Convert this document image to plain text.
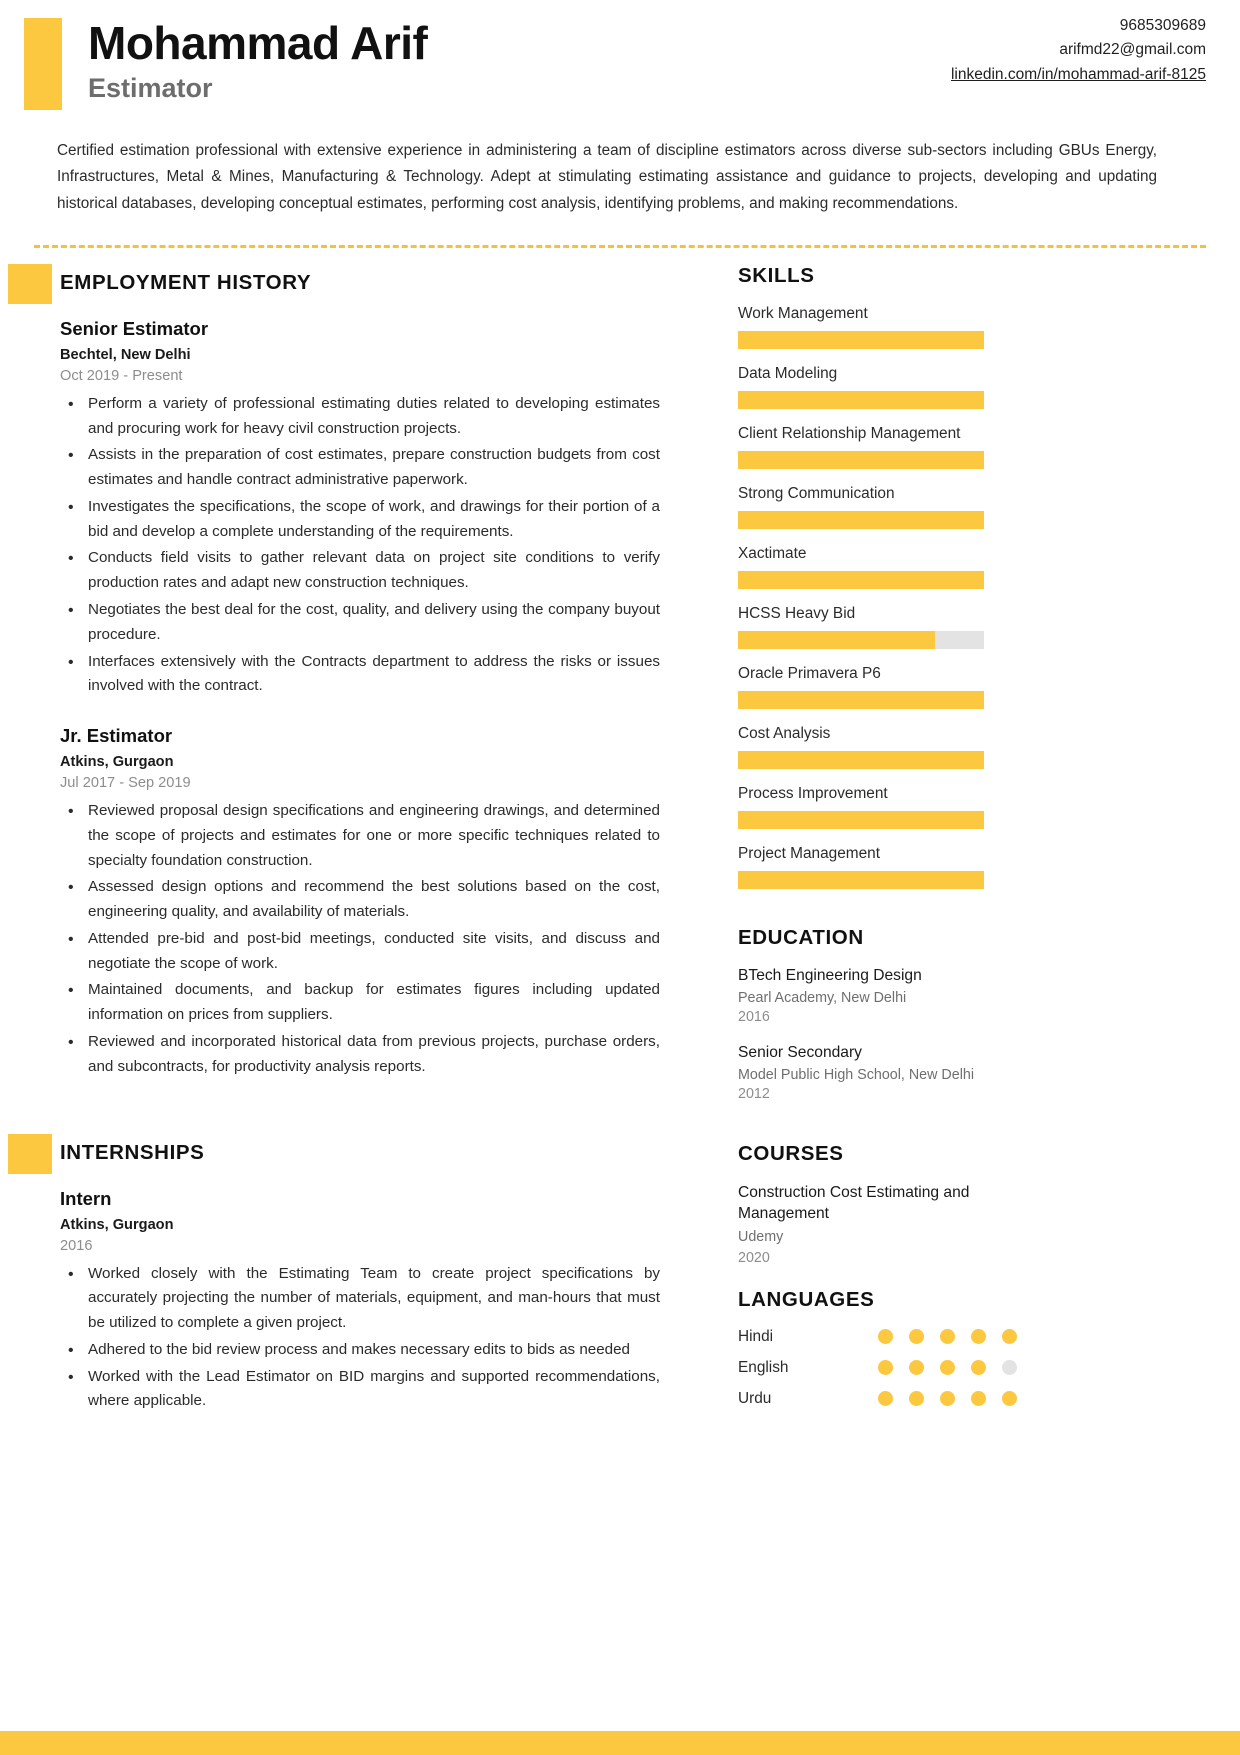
Mohammad Arif
Estimator
9685309689
arifmd22@gmail.com
linkedin.com/in/mohammad-arif-8125
Certified estimation professional with extensive experience in administering a team of discipline estimators across diverse sub-sectors including GBUs Energy, Infrastructures, Metal & Mines, Manufacturing & Technology. Adept at stimulating estimating assistance and guidance to projects, developing and updating historical databases, developing conceptual estimates, performing cost analysis, identifying problems, and making recommendations.
EMPLOYMENT HISTORY
Senior Estimator
Bechtel, New Delhi
Oct 2019 - Present
• Perform a variety of professional estimating duties related to developing estimates and procuring work for heavy civil construction projects.
• Assists in the preparation of cost estimates, prepare construction budgets from cost estimates and handle contract administrative paperwork.
• Investigates the specifications, the scope of work, and drawings for their portion of a bid and develop a complete understanding of the requirements.
• Conducts field visits to gather relevant data on project site conditions to verify production rates and adapt new construction techniques.
• Negotiates the best deal for the cost, quality, and delivery using the company buyout procedure.
• Interfaces extensively with the Contracts department to address the risks or issues involved with the contract.
Jr. Estimator
Atkins, Gurgaon
Jul 2017 - Sep 2019
• Reviewed proposal design specifications and engineering drawings, and determined the scope of projects and estimates for one or more specific techniques related to specialty foundation construction.
• Assessed design options and recommend the best solutions based on the cost, engineering quality, and availability of materials.
• Attended pre-bid and post-bid meetings, conducted site visits, and discuss and negotiate the scope of work.
• Maintained documents, and backup for estimates figures including updated information on prices from suppliers.
• Reviewed and incorporated historical data from previous projects, purchase orders, and subcontracts, for productivity analysis reports.
INTERNSHIPS
Intern
Atkins, Gurgaon
2016
• Worked closely with the Estimating Team to create project specifications by accurately projecting the number of materials, equipment, and man-hours that must be utilized to complete a given project.
• Adhered to the bid review process and makes necessary edits to bids as needed
• Worked with the Lead Estimator on BID margins and supported recommendations, where applicable.
SKILLS
Work Management
Data Modeling
Client Relationship Management
Strong Communication
Xactimate
HCSS Heavy Bid
Oracle Primavera P6
Cost Analysis
Process Improvement
Project Management
EDUCATION
BTech Engineering Design
Pearl Academy, New Delhi
2016
Senior Secondary
Model Public High School, New Delhi
2012
COURSES
Construction Cost Estimating and Management
Udemy
2020
LANGUAGES
Hindi
English
Urdu
